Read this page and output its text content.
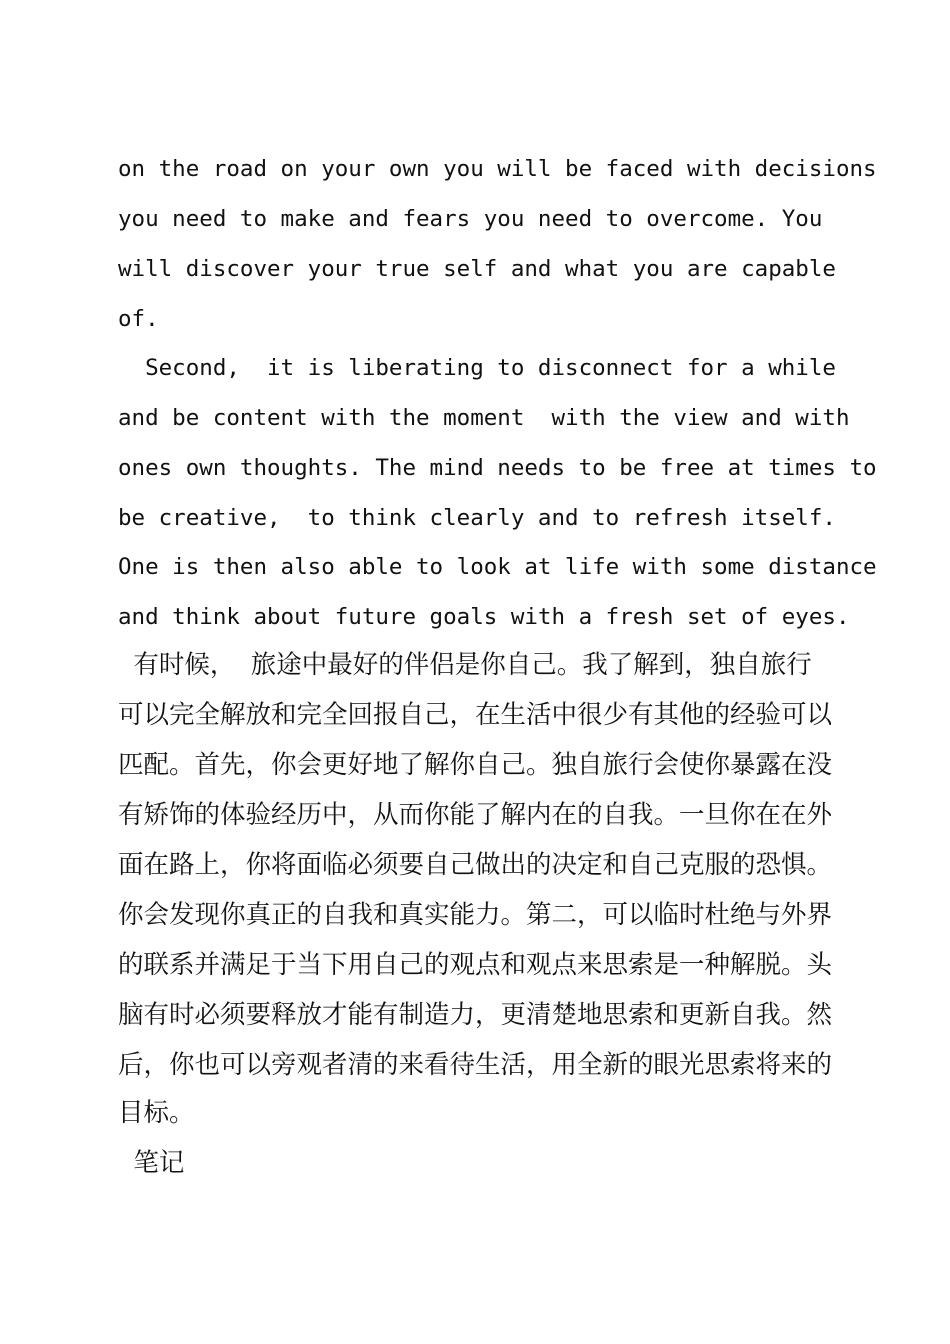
on the road on your own you will be faced with decisions
you need to make and fears you need to overcome. You
will discover your true self and what you are capable
of.
Second,  it is liberating to disconnect for a while
and be content with the moment  with the view and with
ones own thoughts. The mind needs to be free at times to
be creative,  to think clearly and to refresh itself.
One is then also able to look at life with some distance
and think about future goals with a fresh set of eyes.
有时候， 旅途中最好的伴侣是你自己。我了解到，独自旅行
可以完全解放和完全回报自己，在生活中很少有其他的经验可以
匹配。首先，你会更好地了解你自己。独自旅行会使你暴露在没
有矫饰的体验经历中，从而你能了解内在的自我。一旦你在在外
面在路上，你将面临必须要自己做出的决定和自己克服的恐惧。
你会发现你真正的自我和真实能力。第二，可以临时杜绝与外界
的联系并满足于当下用自己的观点和观点来思索是一种解脱。头
脑有时必须要释放才能有制造力，更清楚地思索和更新自我。然
后，你也可以旁观者清的来看待生活，用全新的眼光思索将来的
目标。
笔记
